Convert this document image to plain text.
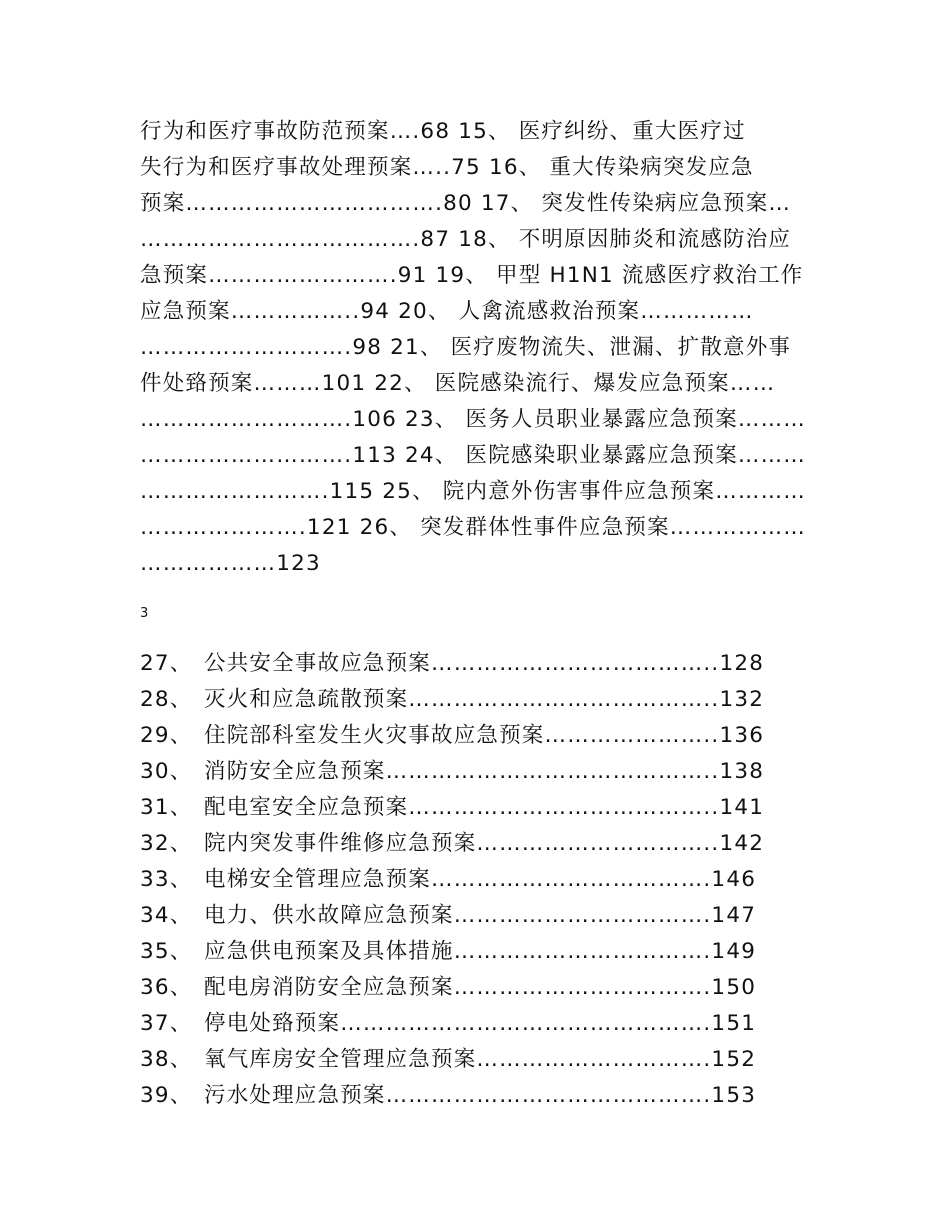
行为和医疗事故防范预案….68 15、 医疗纠纷、重大医疗过
失行为和医疗事故处理预案…..75 16、 重大传染病突发应急
预案…………………………….80 17、 突发性传染病应急预案…
……………………………….87 18、 不明原因肺炎和流感防治应
急预案…………………….91 19、 甲型 H1N1 流感医疗救治工作
应急预案……………..94 20、 人禽流感救治预案……………
……………………….98 21、 医疗废物流失、泄漏、扩散意外事
件处臵预案………101 22、 医院感染流行、爆发应急预案……
……………………….106 23、 医务人员职业暴露应急预案………
……………………….113 24、 医院感染职业暴露应急预案………
…………………….115 25、 院内意外伤害事件应急预案…………
………………….121 26、 突发群体性事件应急预案………………
………………123
3
27、 公共安全事故应急预案………………………………..128
28、 灭火和应急疏散预案…………………………………..132
29、 住院部科室发生火灾事故应急预案…………………..136
30、 消防安全应急预案……………………………………..138
31、 配电室安全应急预案…………………………………..141
32、 院内突发事件维修应急预案…………………………..142
33、 电梯安全管理应急预案……………………………….146
34、 电力、供水故障应急预案…………………………….147
35、 应急供电预案及具体措施…………………………….149
36、 配电房消防安全应急预案…………………………….150
37、 停电处臵预案………………………………………….151
38、 氧气库房安全管理应急预案………………………….152
39、 污水处理应急预案…………………………………….153
